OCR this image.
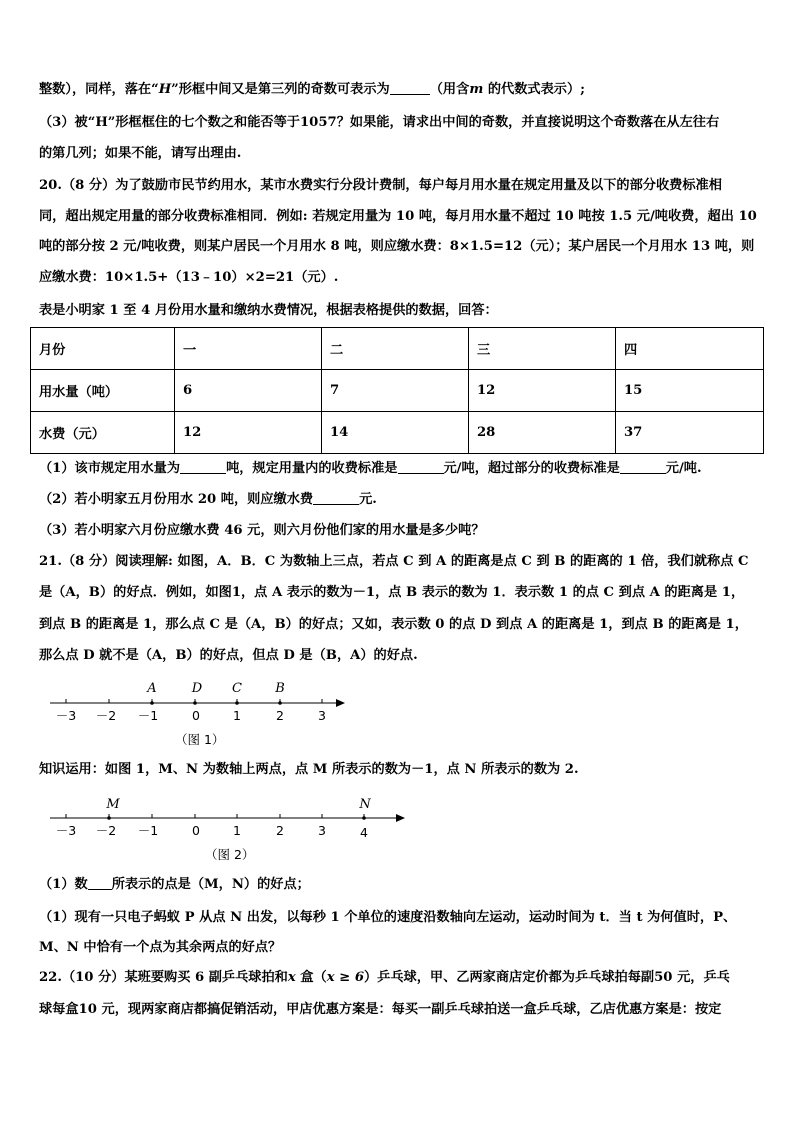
整数），同样，落在“H”形框中间又是第三列的奇数可表示为	（用含m 的代数式表示）;
（3）被“H”形框框住的七个数之和能否等于1057？如果能，请求出中间的奇数，并直接说明这个奇数落在从左往右
的第几列；如果不能，请写出理由.
20.（8 分）为了鼓励市民节约用水，某市水费实行分段计费制，每户每月用水量在规定用量及以下的部分收费标准相
同，超出规定用量的部分收费标准相同．例如: 若规定用量为 10 吨，每月用水量不超过 10 吨按 1.5 元/吨收费，超出 10
吨的部分按 2 元/吨收费，则某户居民一个月用水 8 吨，则应缴水费：8×1.5=12（元）；某户居民一个月用水 13 吨，则
应缴水费：10×1.5+（13﹣10）×2=21（元）.
表是小明家 1 至 4 月份用水量和缴纳水费情况，根据表格提供的数据，回答：
月份	一	二	三	四
用水量（吨）	6	7	12	15
水费（元）	12	14	28	37
（1）该市规定用水量为	吨，规定用量内的收费标准是	元/吨，超过部分的收费标准是	元/吨.
（2）若小明家五月份用水 20 吨，则应缴水费	元.
（3）若小明家六月份应缴水费 46 元，则六月份他们家的用水量是多少吨？
21.（8 分）阅读理解: 如图，A．B．C 为数轴上三点，若点 C 到 A 的距离是点 C 到 B 的距离的 1 倍，我们就称点 C
是（A，B）的好点．例如，如图1，点 A 表示的数为－1，点 B 表示的数为 1．表示数 1 的点 C 到点 A 的距离是 1，
到点 B 的距离是 1，那么点 C 是（A，B）的好点；又如，表示数 0 的点 D 到点 A 的距离是 1，到点 B 的距离是 1，
那么点 D 就不是（A，B）的好点，但点 D 是（B，A）的好点.
－3 －2 －1	0	1	2	3
A	D C	B
－3 －2 －1	0	1	2	3	4
M	N
（图 1）
知识运用：如图 1，M、N 为数轴上两点，点 M 所表示的数为－1，点 N 所表示的数为 2.
（图 2）
（1）数 所表示的点是（M，N）的好点；
（1）现有一只电子蚂蚁 P 从点 N 出发，以每秒 1 个单位的速度沿数轴向左运动，运动时间为 t．当 t 为何值时，P、
M、N 中恰有一个点为其余两点的好点？
22.（10 分）某班要购买 6 副乒乓球拍和x 盒（x ≥ 6）乒乓球，甲、乙两家商店定价都为乒乓球拍每副50 元，乒乓
球每盒10 元，现两家商店都搞促销活动，甲店优惠方案是：每买一副乒乓球拍送一盒乒乓球，乙店优惠方案是：按定
